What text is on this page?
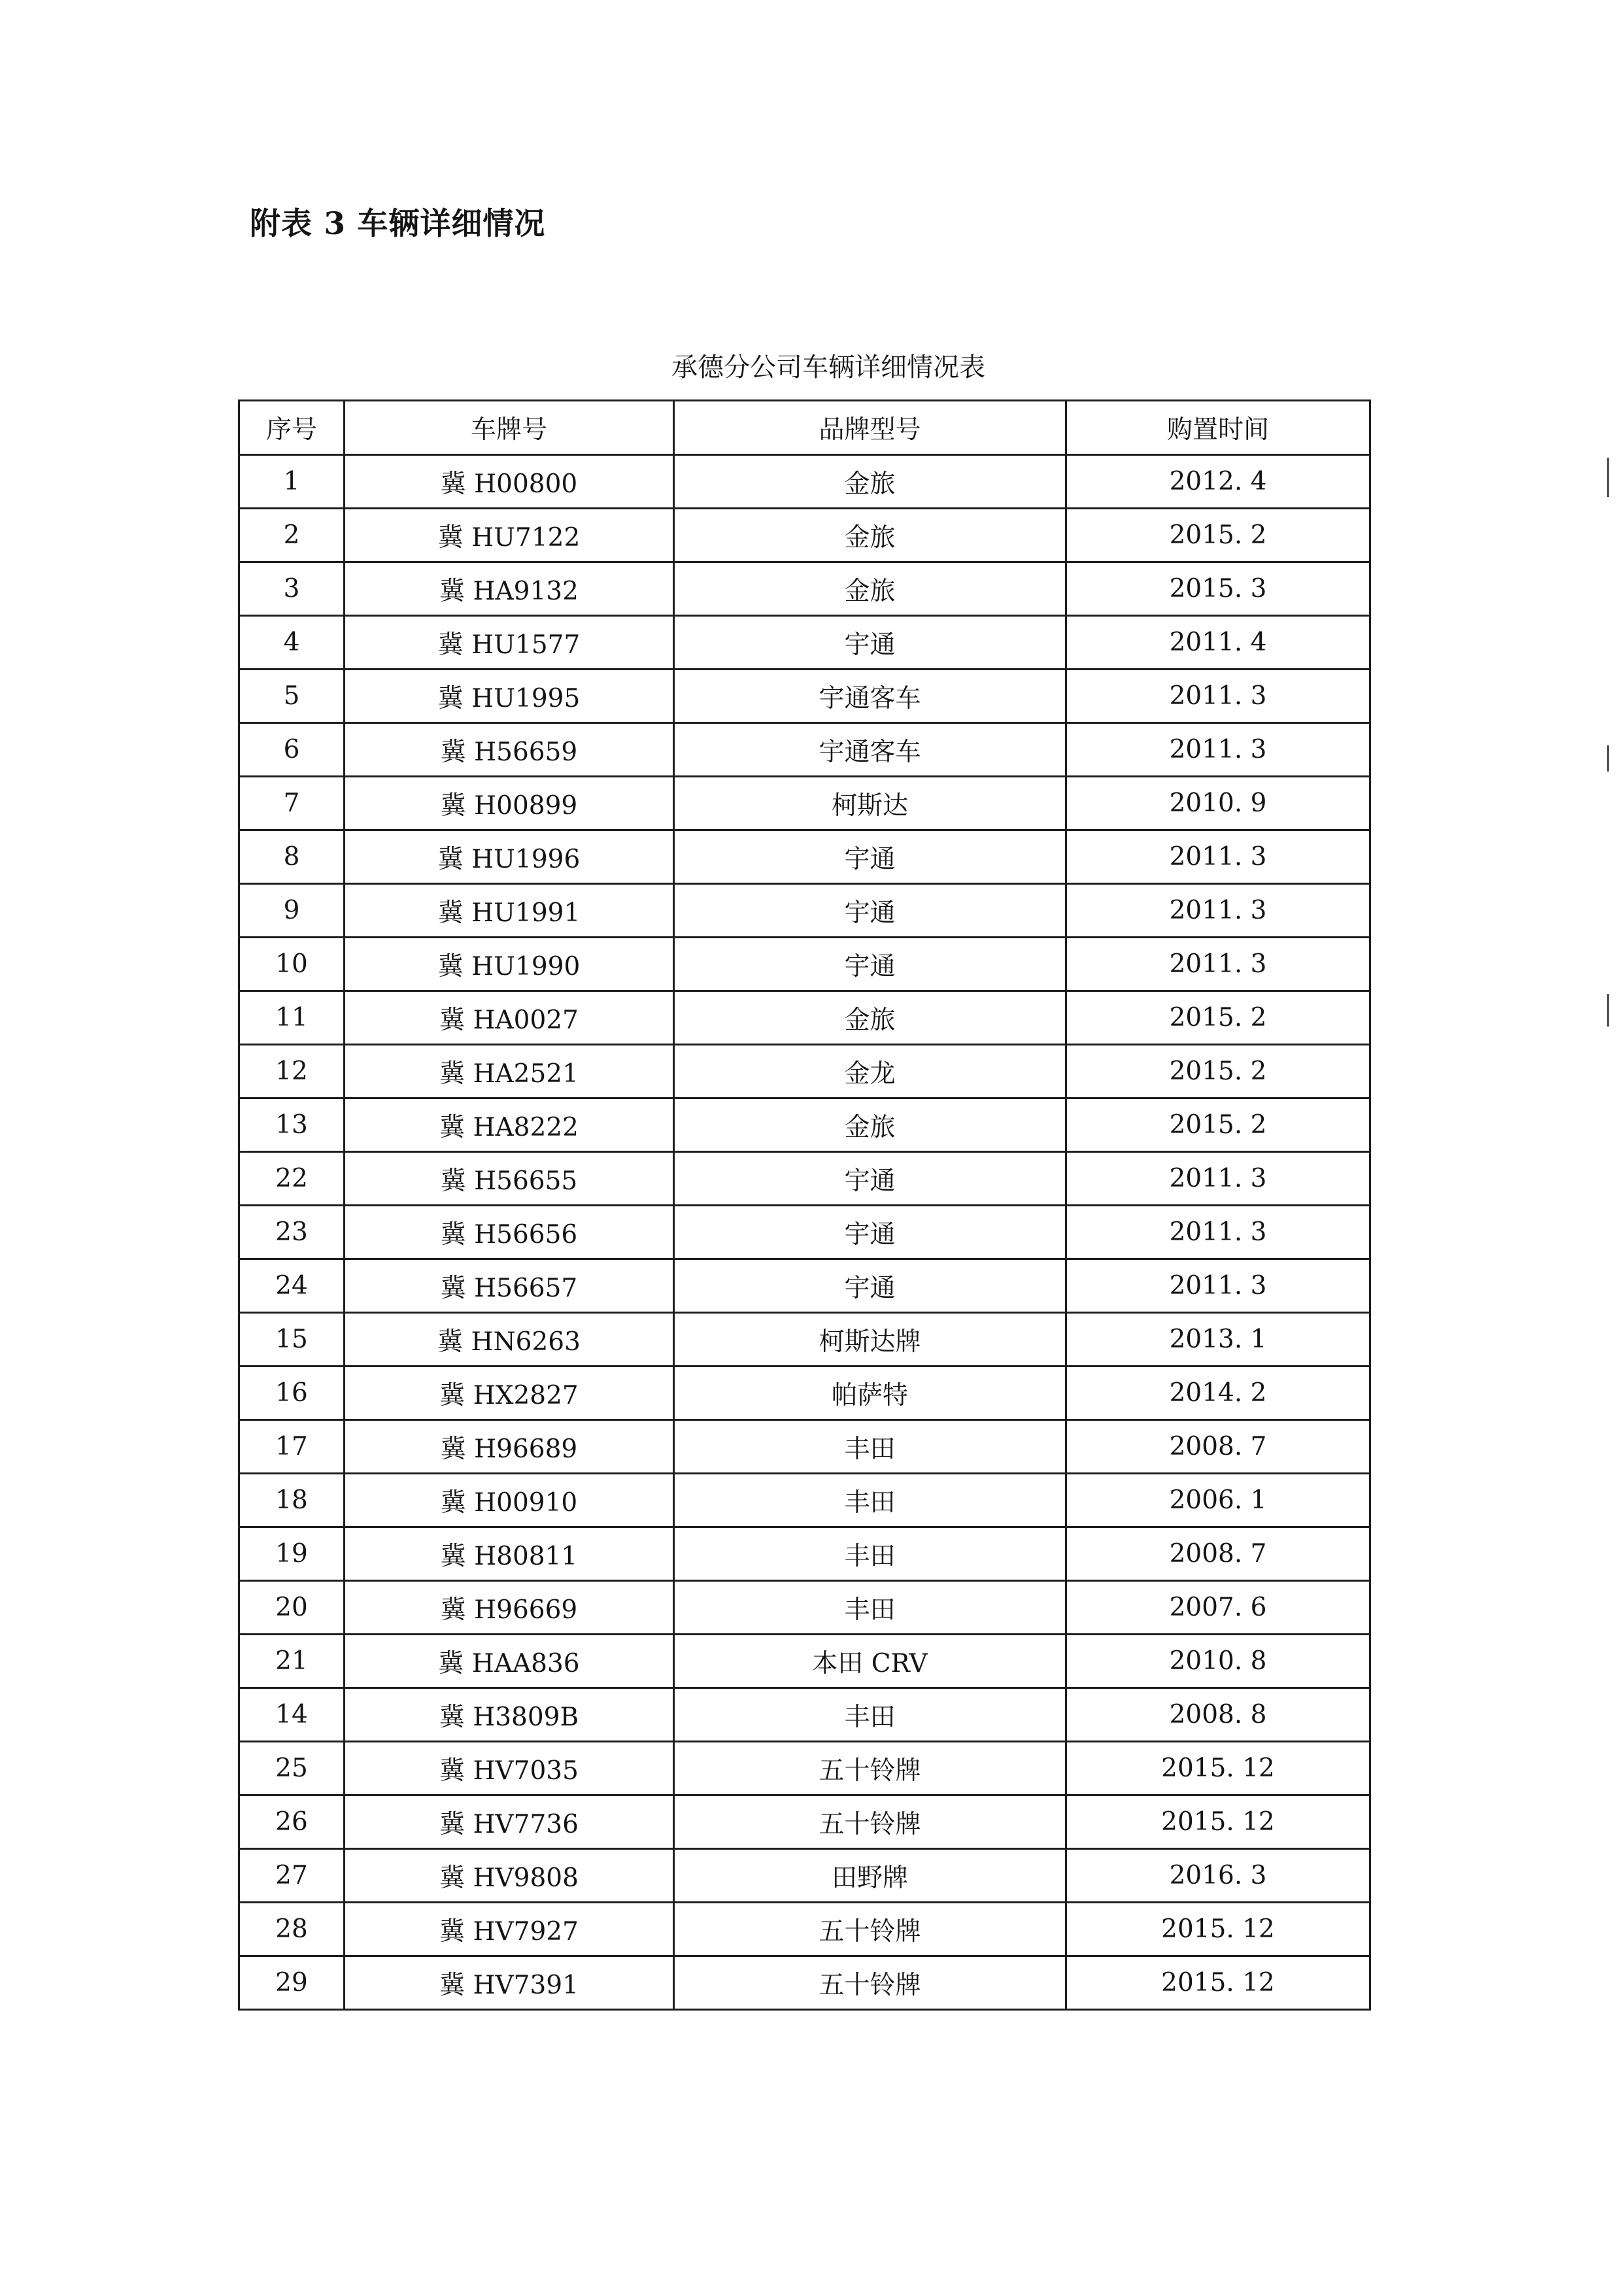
附表 3 车辆详细情况
承德分公司车辆详细情况表
序号	车牌号	品牌型号	购置时间
1	冀 H00800	金旅	2012. 4
2	冀 HU7122	金旅	2015. 2
3	冀 HA9132	金旅	2015. 3
4	冀 HU1577	宇通	2011. 4
5	冀 HU1995	宇通客车	2011. 3
6	冀 H56659	宇通客车	2011. 3
7	冀 H00899	柯斯达	2010. 9
8	冀 HU1996	宇通	2011. 3
9	冀 HU1991	宇通	2011. 3
10	冀 HU1990	宇通	2011. 3
11	冀 HA0027	金旅	2015. 2
12	冀 HA2521	金龙	2015. 2
13	冀 HA8222	金旅	2015. 2
22	冀 H56655	宇通	2011. 3
23	冀 H56656	宇通	2011. 3
24	冀 H56657	宇通	2011. 3
15	冀 HN6263	柯斯达牌	2013. 1
16	冀 HX2827	帕萨特	2014. 2
17	冀 H96689	丰田	2008. 7
18	冀 H00910	丰田	2006. 1
19	冀 H80811	丰田	2008. 7
20	冀 H96669	丰田	2007. 6
21	冀 HAA836	本田 CRV	2010. 8
14	冀 H3809B	丰田	2008. 8
25	冀 HV7035	五十铃牌	2015. 12
26	冀 HV7736	五十铃牌	2015. 12
27	冀 HV9808	田野牌	2016. 3
28	冀 HV7927	五十铃牌	2015. 12
29	冀 HV7391	五十铃牌	2015. 12
